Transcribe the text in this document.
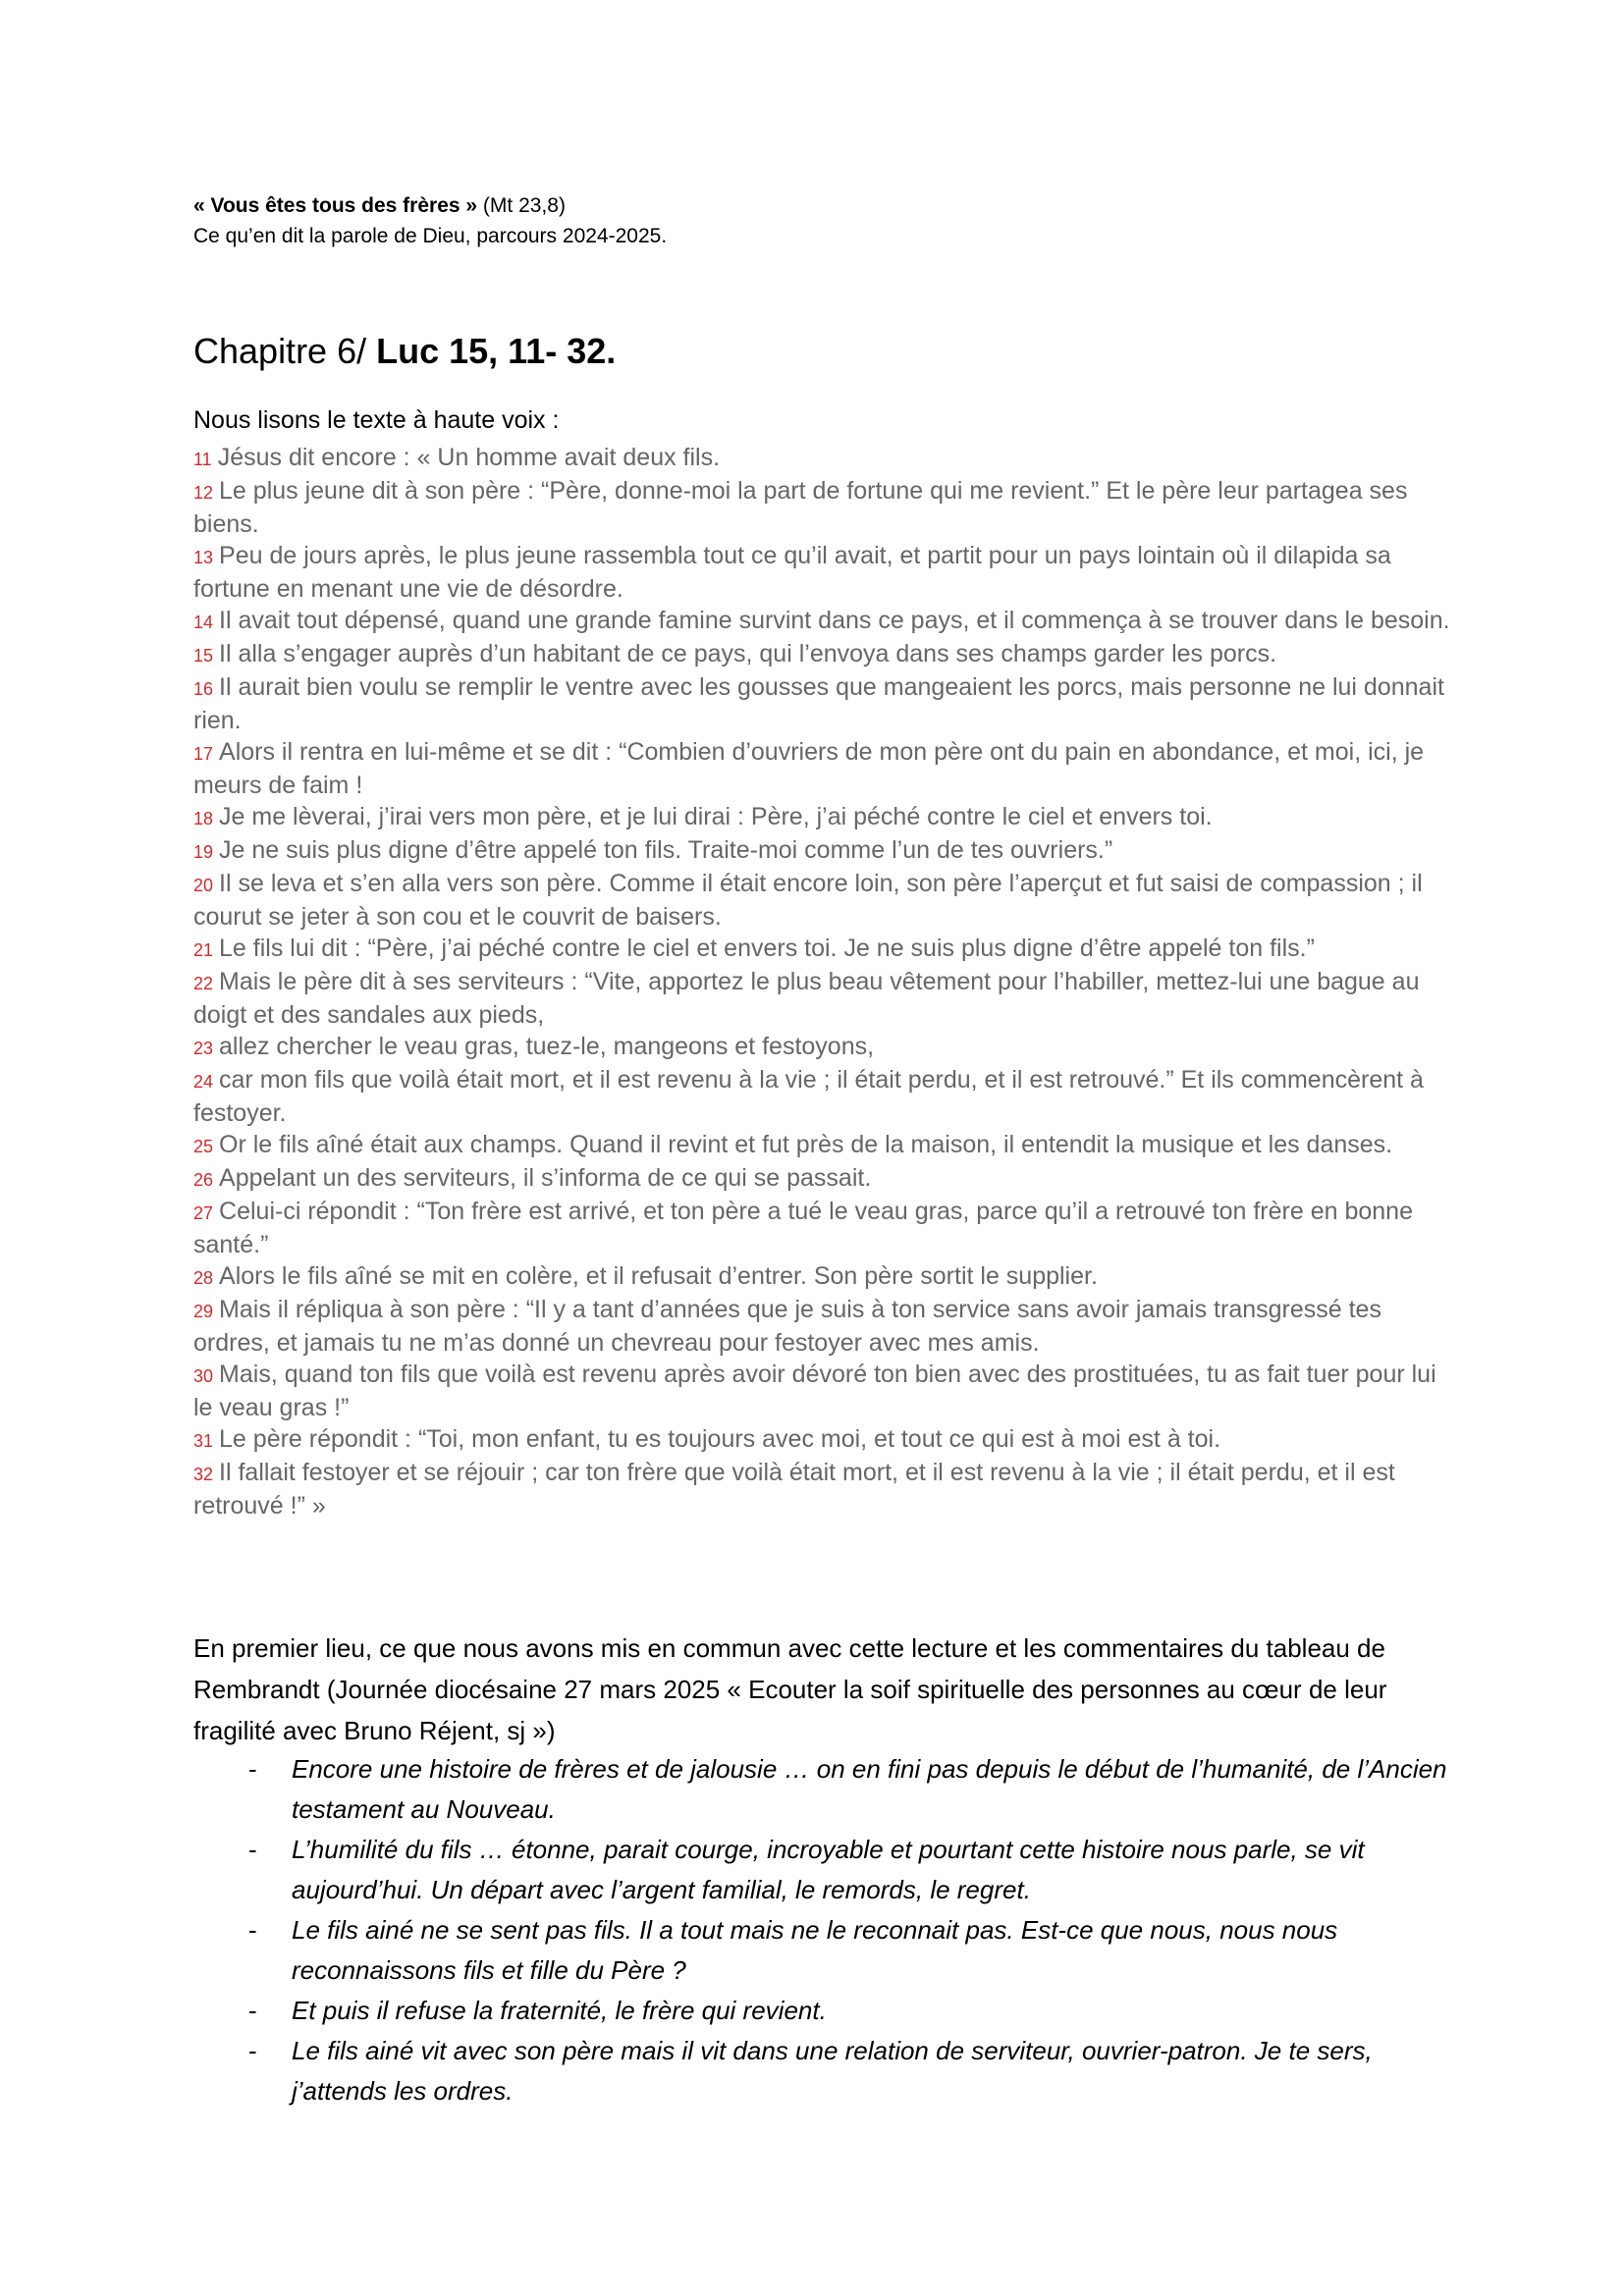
« Vous êtes tous des frères » (Mt 23,8)
Ce qu’en dit la parole de Dieu, parcours 2024-2025.
Chapitre 6/ Luc 15, 11- 32.
Nous lisons le texte à haute voix :
11 Jésus dit encore : « Un homme avait deux fils.
12 Le plus jeune dit à son père : “Père, donne-moi la part de fortune qui me revient.” Et le père leur partagea ses biens.
13 Peu de jours après, le plus jeune rassembla tout ce qu’il avait, et partit pour un pays lointain où il dilapida sa fortune en menant une vie de désordre.
14 Il avait tout dépensé, quand une grande famine survint dans ce pays, et il commença à se trouver dans le besoin.
15 Il alla s’engager auprès d’un habitant de ce pays, qui l’envoya dans ses champs garder les porcs.
16 Il aurait bien voulu se remplir le ventre avec les gousses que mangeaient les porcs, mais personne ne lui donnait rien.
17 Alors il rentra en lui-même et se dit : “Combien d’ouvriers de mon père ont du pain en abondance, et moi, ici, je meurs de faim !
18 Je me lèverai, j’irai vers mon père, et je lui dirai : Père, j’ai péché contre le ciel et envers toi.
19 Je ne suis plus digne d’être appelé ton fils. Traite-moi comme l’un de tes ouvriers.”
20 Il se leva et s’en alla vers son père. Comme il était encore loin, son père l’aperçut et fut saisi de compassion ; il courut se jeter à son cou et le couvrit de baisers.
21 Le fils lui dit : “Père, j’ai péché contre le ciel et envers toi. Je ne suis plus digne d’être appelé ton fils.”
22 Mais le père dit à ses serviteurs : “Vite, apportez le plus beau vêtement pour l’habiller, mettez-lui une bague au doigt et des sandales aux pieds,
23 allez chercher le veau gras, tuez-le, mangeons et festoyons,
24 car mon fils que voilà était mort, et il est revenu à la vie ; il était perdu, et il est retrouvé.” Et ils commencèrent à festoyer.
25 Or le fils aîné était aux champs. Quand il revint et fut près de la maison, il entendit la musique et les danses.
26 Appelant un des serviteurs, il s’informa de ce qui se passait.
27 Celui-ci répondit : “Ton frère est arrivé, et ton père a tué le veau gras, parce qu’il a retrouvé ton frère en bonne santé.”
28 Alors le fils aîné se mit en colère, et il refusait d’entrer. Son père sortit le supplier.
29 Mais il répliqua à son père : “Il y a tant d’années que je suis à ton service sans avoir jamais transgressé tes ordres, et jamais tu ne m’as donné un chevreau pour festoyer avec mes amis.
30 Mais, quand ton fils que voilà est revenu après avoir dévoré ton bien avec des prostituées, tu as fait tuer pour lui le veau gras !”
31 Le père répondit : “Toi, mon enfant, tu es toujours avec moi, et tout ce qui est à moi est à toi.
32 Il fallait festoyer et se réjouir ; car ton frère que voilà était mort, et il est revenu à la vie ; il était perdu, et il est retrouvé !” »
En premier lieu, ce que nous avons mis en commun avec cette lecture et les commentaires du tableau de Rembrandt (Journée diocésaine 27 mars 2025 « Ecouter la soif spirituelle des personnes au cœur de leur fragilité avec Bruno Réjent, sj »)
- Encore une histoire de frères et de jalousie … on en fini pas depuis le début de l’humanité, de l’Ancien testament au Nouveau.
- L’humilité du fils … étonne, parait courge, incroyable et pourtant cette histoire nous parle, se vit aujourd’hui. Un départ avec l’argent familial, le remords, le regret.
- Le fils ainé ne se sent pas fils. Il a tout mais ne le reconnait pas. Est-ce que nous, nous nous reconnaissons fils et fille du Père ?
- Et puis il refuse la fraternité, le frère qui revient.
- Le fils ainé vit avec son père mais il vit dans une relation de serviteur, ouvrier-patron. Je te sers, j’attends les ordres.
